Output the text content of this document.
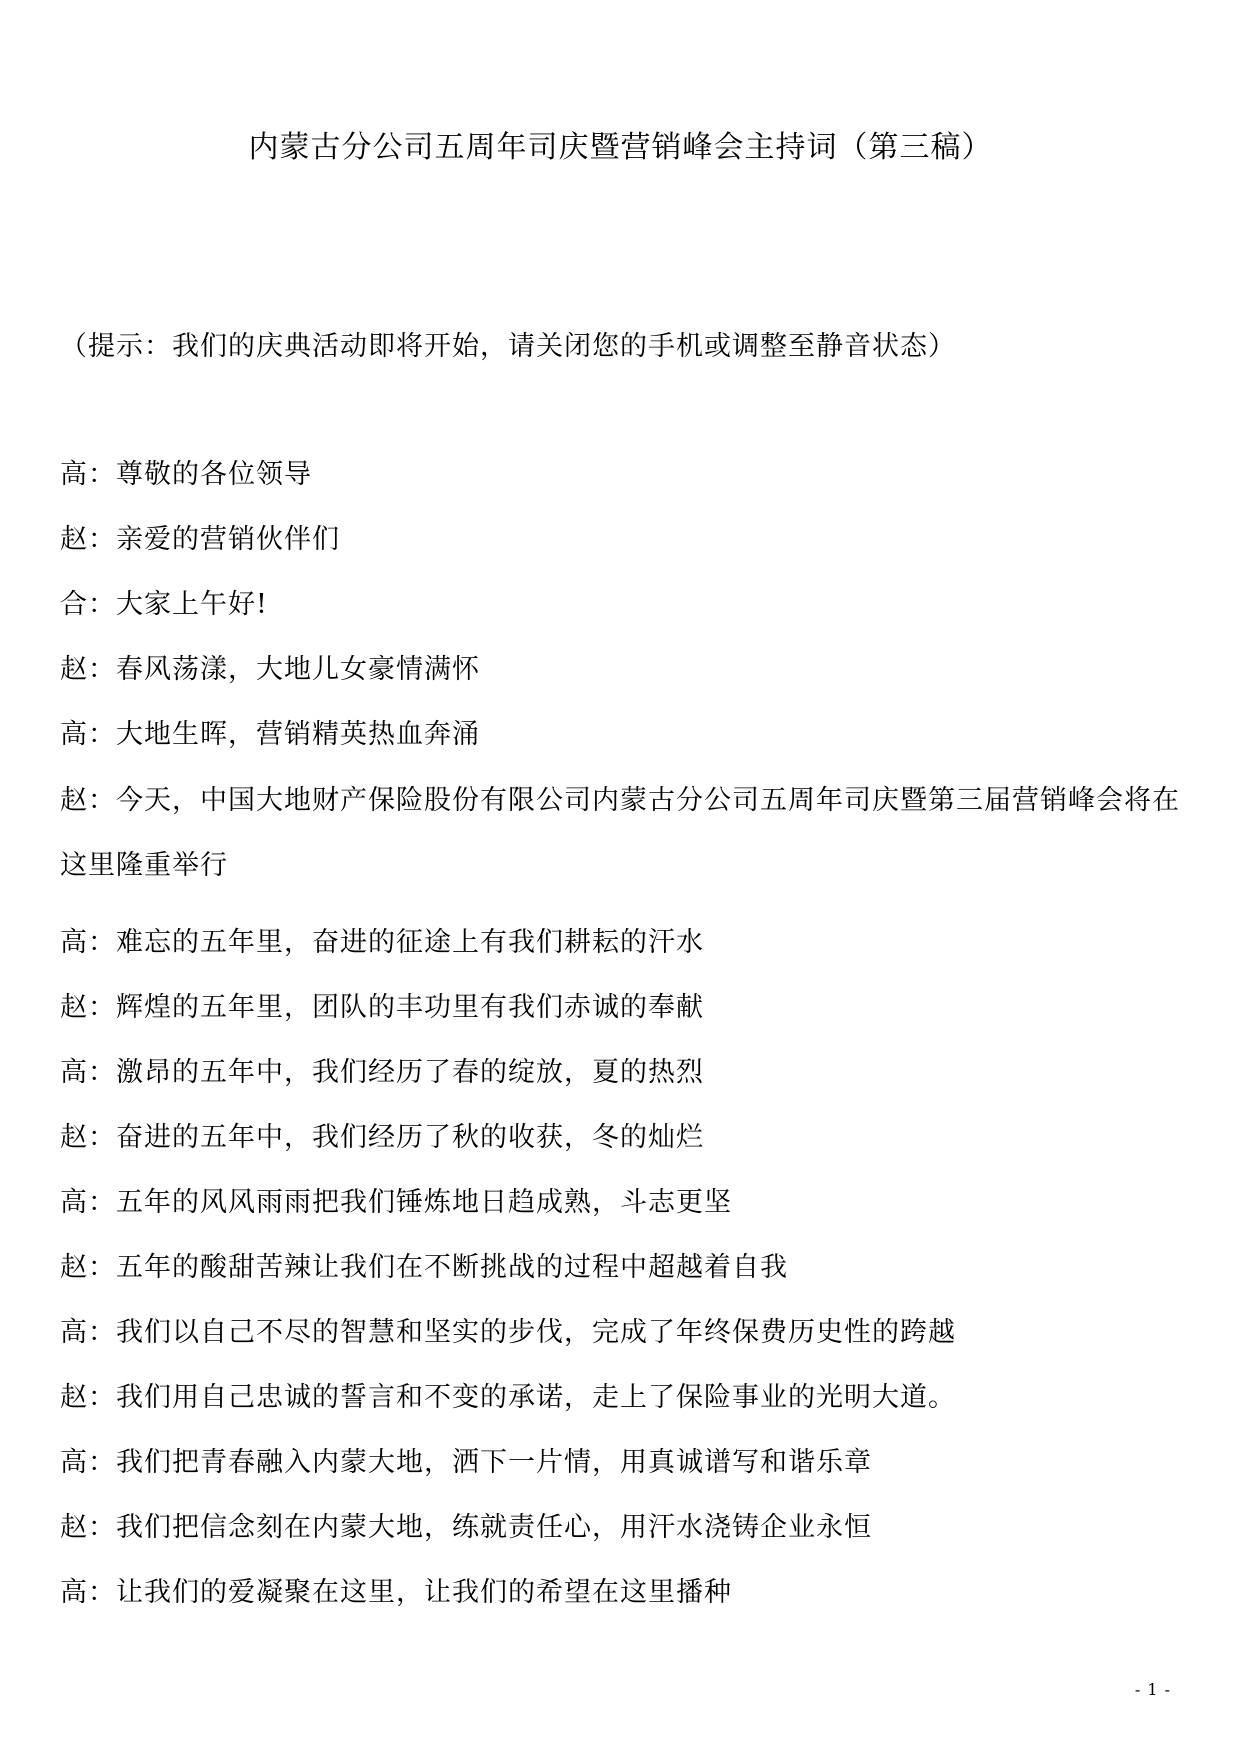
内蒙古分公司五周年司庆暨营销峰会主持词（第三稿）
（提示：我们的庆典活动即将开始，请关闭您的手机或调整至静音状态）
高：尊敬的各位领导
赵：亲爱的营销伙伴们
合：大家上午好!
赵：春风荡漾，大地儿女豪情满怀
高：大地生晖，营销精英热血奔涌
赵：今天，中国大地财产保险股份有限公司内蒙古分公司五周年司庆暨第三届营销峰会将在这里隆重举行
高：难忘的五年里，奋进的征途上有我们耕耘的汗水
赵：辉煌的五年里，团队的丰功里有我们赤诚的奉献
高：激昂的五年中，我们经历了春的绽放，夏的热烈
赵：奋进的五年中，我们经历了秋的收获，冬的灿烂
高：五年的风风雨雨把我们锤炼地日趋成熟，斗志更坚
赵：五年的酸甜苦辣让我们在不断挑战的过程中超越着自我
高：我们以自己不尽的智慧和坚实的步伐，完成了年终保费历史性的跨越
赵：我们用自己忠诚的誓言和不变的承诺，走上了保险事业的光明大道。
高：我们把青春融入内蒙大地，洒下一片情，用真诚谱写和谐乐章
赵：我们把信念刻在内蒙大地，练就责任心，用汗水浇铸企业永恒
高：让我们的爱凝聚在这里，让我们的希望在这里播种
- 1 -
